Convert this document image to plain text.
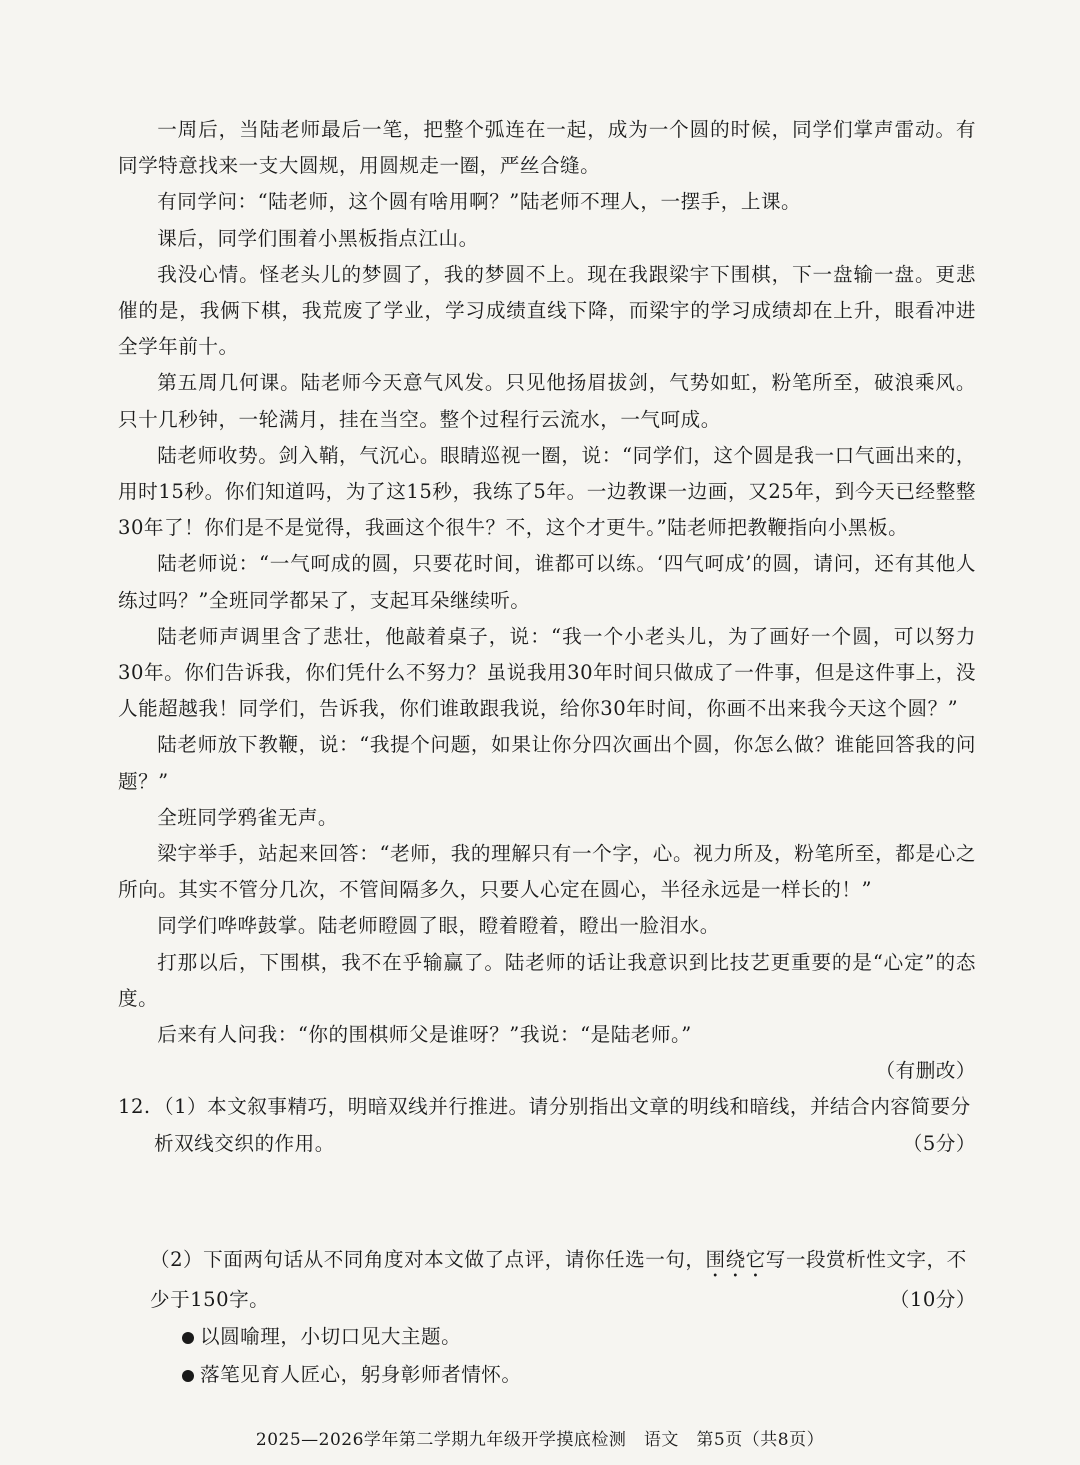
一周后，当陆老师最后一笔，把整个弧连在一起，成为一个圆的时候，同学们掌声雷动。有同学特意找来一支大圆规，用圆规走一圈，严丝合缝。

有同学问：“陆老师，这个圆有啥用啊？”陆老师不理人，一摆手，上课。

课后，同学们围着小黑板指点江山。

我没心情。怪老头儿的梦圆了，我的梦圆不上。现在我跟梁宇下围棋，下一盘输一盘。更悲催的是，我俩下棋，我荒废了学业，学习成绩直线下降，而梁宇的学习成绩却在上升，眼看冲进全学年前十。

第五周几何课。陆老师今天意气风发。只见他扬眉拔剑，气势如虹，粉笔所至，破浪乘风。只十几秒钟，一轮满月，挂在当空。整个过程行云流水，一气呵成。

陆老师收势。剑入鞘，气沉心。眼睛巡视一圈，说：“同学们，这个圆是我一口气画出来的，用时15秒。你们知道吗，为了这15秒，我练了5年。一边教课一边画，又25年，到今天已经整整30年了！你们是不是觉得，我画这个很牛？不，这个才更牛。”陆老师把教鞭指向小黑板。

陆老师说：“一气呵成的圆，只要花时间，谁都可以练。‘四气呵成’的圆，请问，还有其他人练过吗？”全班同学都呆了，支起耳朵继续听。

陆老师声调里含了悲壮，他敲着桌子，说：“我一个小老头儿，为了画好一个圆，可以努力30年。你们告诉我，你们凭什么不努力？虽说我用30年时间只做成了一件事，但是这件事上，没人能超越我！同学们，告诉我，你们谁敢跟我说，给你30年时间，你画不出来我今天这个圆？”

陆老师放下教鞭，说：“我提个问题，如果让你分四次画出个圆，你怎么做？谁能回答我的问题？”

全班同学鸦雀无声。

梁宇举手，站起来回答：“老师，我的理解只有一个字，心。视力所及，粉笔所至，都是心之所向。其实不管分几次，不管间隔多久，只要人心定在圆心，半径永远是一样长的！”

同学们哗哗鼓掌。陆老师瞪圆了眼，瞪着瞪着，瞪出一脸泪水。

打那以后，下围棋，我不在乎输赢了。陆老师的话让我意识到比技艺更重要的是“心定”的态度。

后来有人问我：“你的围棋师父是谁呀？”我说：“是陆老师。”

（有删改）
12. （1）本文叙事精巧，明暗双线并行推进。请分别指出文章的明线和暗线，并结合内容简要分析双线交织的作用。	（5分）
（2）下面两句话从不同角度对本文做了点评，请你任选一句，围绕它写一段赏析性文字，不少于150字。	（10分）
以圆喻理，小切口见大主题。
落笔见育人匠心，躬身彰师者情怀。
2025—2026学年第二学期九年级开学摸底检测　语文　第5页（共8页）
